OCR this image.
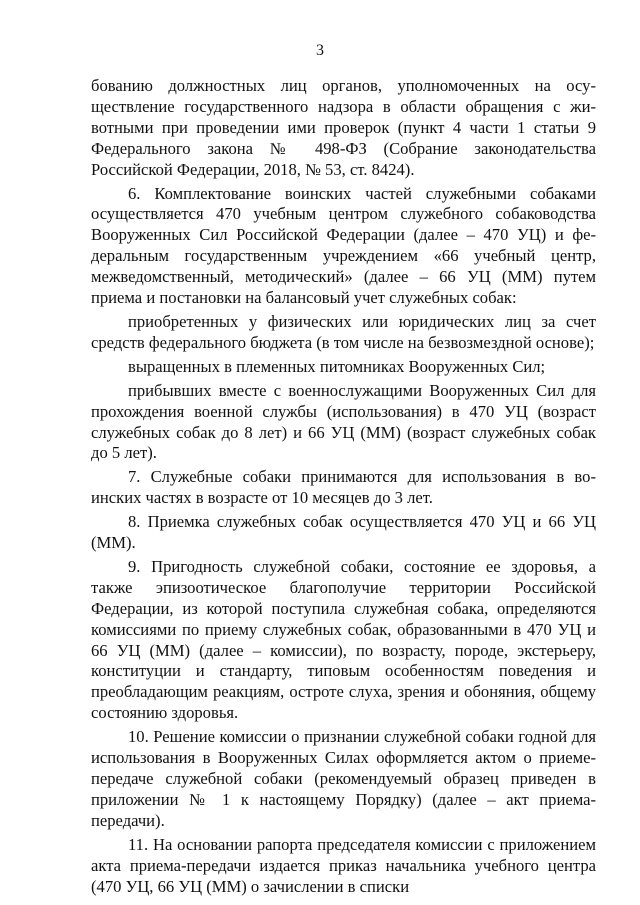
3

бованию должностных лиц органов, уполномоченных на осуществление государственного надзора в области обращения с животными при проведении ими проверок (пункт 4 части 1 статьи 9 Федерального закона № 498-ФЗ (Собрание законодательства Российской Федерации, 2018, № 53, ст. 8424).

6. Комплектование воинских частей служебными собаками осуществляется 470 учебным центром служебного собаководства Вооруженных Сил Российской Федерации (далее – 470 УЦ) и федеральным государственным учреждением «66 учебный центр, межведомственный, методический» (далее – 66 УЦ (ММ) путем приема и постановки на балансовый учет служебных собак:

приобретенных у физических или юридических лиц за счет средств федерального бюджета (в том числе на безвозмездной основе);

выращенных в племенных питомниках Вооруженных Сил;

прибывших вместе с военнослужащими Вооруженных Сил для прохождения военной службы (использования) в 470 УЦ (возраст служебных собак до 8 лет) и 66 УЦ (ММ) (возраст служебных собак до 5 лет).

7. Служебные собаки принимаются для использования в воинских частях в возрасте от 10 месяцев до 3 лет.

8. Приемка служебных собак осуществляется 470 УЦ и 66 УЦ (ММ).

9. Пригодность служебной собаки, состояние ее здоровья, а также эпизоотическое благополучие территории Российской Федерации, из которой поступила служебная собака, определяются комиссиями по приему служебных собак, образованными в 470 УЦ и 66 УЦ (ММ) (далее – комиссии), по возрасту, породе, экстерьеру, конституции и стандарту, типовым особенностям поведения и преобладающим реакциям, остроте слуха, зрения и обоняния, общему состоянию здоровья.

10. Решение комиссии о признании служебной собаки годной для использования в Вооруженных Силах оформляется актом о приеме-передаче служебной собаки (рекомендуемый образец приведен в приложении № 1 к настоящему Порядку) (далее – акт приема-передачи).

11. На основании рапорта председателя комиссии с приложением акта приема-передачи издается приказ начальника учебного центра (470 УЦ, 66 УЦ (ММ) о зачислении в списки
